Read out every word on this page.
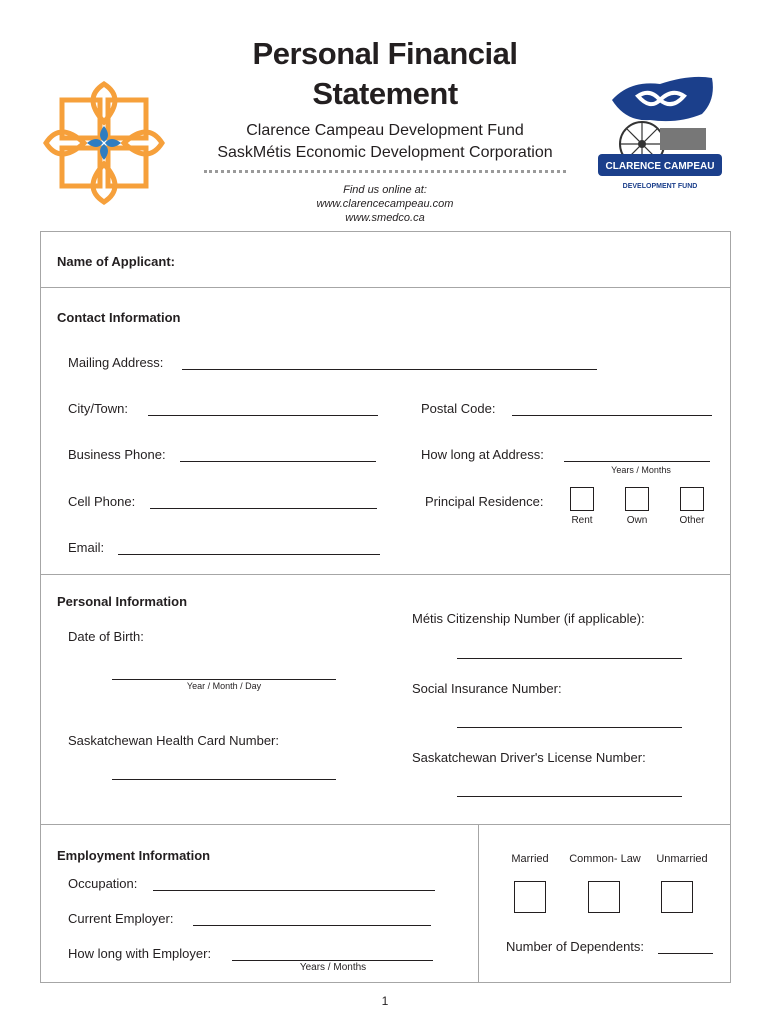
CLARENCE CAMPEAU
DEVELOPMENT FUND
Personal Financial
Statement
Clarence Campeau Development Fund
SaskMétis Economic Development Corporation
Find us online at:
www.clarencecampeau.com
www.smedco.ca
Name of Applicant:
Contact Information
Mailing Address:
City/Town:	Postal Code:
Business Phone:	How long at Address:
Years / Months
Cell Phone:	Principal Residence:
Rent	Own	Other
Email:
Personal Information
Date of Birth:
Year / Month / Day
Saskatchewan Health Card Number:
Métis Citizenship Number (if applicable):
Social Insurance Number:
Saskatchewan Driver's License Number:
Employment Information
Occupation:
Current Employer:
How long with Employer:
Years / Months
Married	Common- Law	Unmarried
Number of Dependents:
1
